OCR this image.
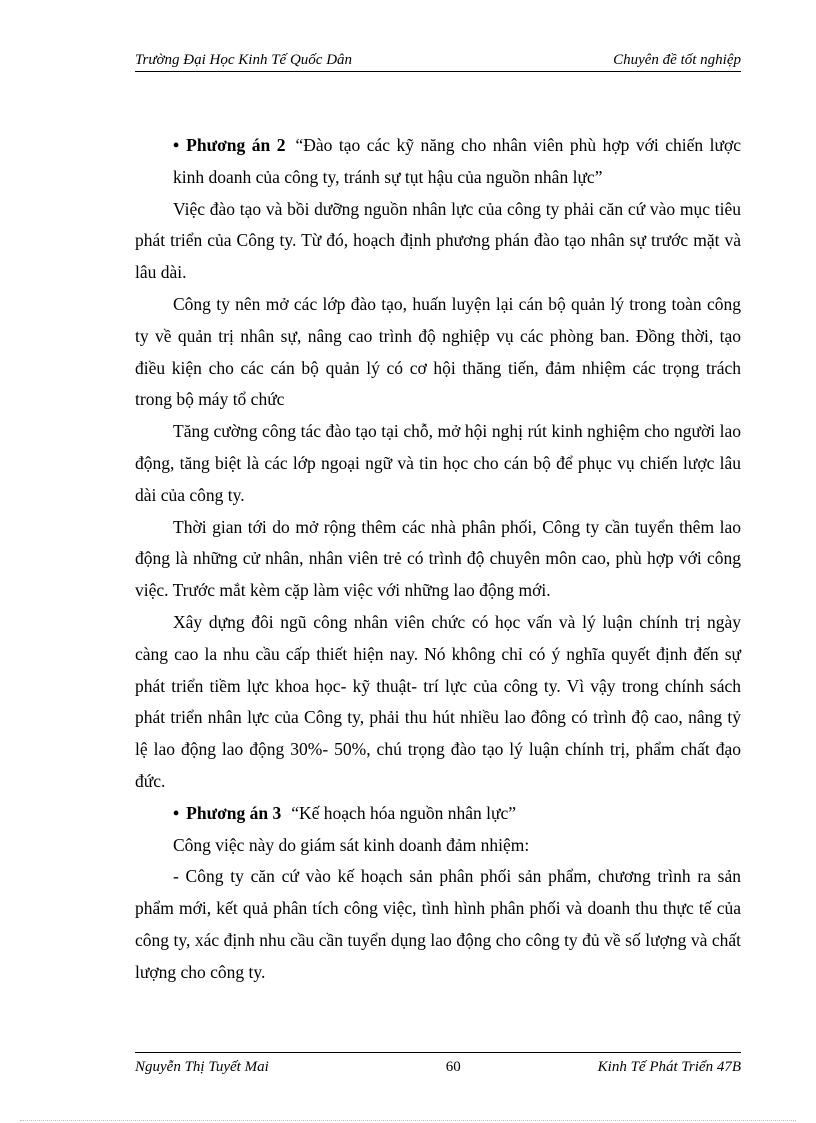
Trường Đại Học Kinh Tế Quốc Dân	Chuyên đề tốt nghiệp

• Phương án 2 “Đào tạo các kỹ năng cho nhân viên phù hợp với chiến lược kinh doanh của công ty, tránh sự tụt hậu của nguồn nhân lực”

Việc đào tạo và bồi dưỡng nguồn nhân lực của công ty phải căn cứ vào mục tiêu phát triển của Công ty. Từ đó, hoạch định phương phán đào tạo nhân sự trước mặt và lâu dài.

Công ty nên mở các lớp đào tạo, huấn luyện lại cán bộ quản lý trong toàn công ty về quản trị nhân sự, nâng cao trình độ nghiệp vụ các phòng ban. Đồng thời, tạo điều kiện cho các cán bộ quản lý có cơ hội thăng tiến, đảm nhiệm các trọng trách trong bộ máy tổ chức

Tăng cường công tác đào tạo tại chỗ, mở hội nghị rút kinh nghiệm cho người lao động, tăng biệt là các lớp ngoại ngữ và tin học cho cán bộ để phục vụ chiến lược lâu dài của công ty.

Thời gian tới do mở rộng thêm các nhà phân phối, Công ty cần tuyển thêm lao động là những cử nhân, nhân viên trẻ có trình độ chuyên môn cao, phù hợp với công việc. Trước mắt kèm cặp làm việc với những lao động mới.

Xây dựng đôi ngũ công nhân viên chức có học vấn và lý luận chính trị ngày càng cao la nhu cầu cấp thiết hiện nay. Nó không chỉ có ý nghĩa quyết định đến sự phát triển tiềm lực khoa học- kỹ thuật- trí lực của công ty. Vì vậy trong chính sách phát triển nhân lực của Công ty, phải thu hút nhiều lao đông có trình độ cao, nâng tỷ lệ lao động lao động 30%- 50%, chú trọng đào tạo lý luận chính trị, phẩm chất đạo đức.

• Phương án 3 “Kế hoạch hóa nguồn nhân lực”

Công việc này do giám sát kinh doanh đảm nhiệm:

- Công ty căn cứ vào kế hoạch sản phân phối sản phẩm, chương trình ra sản phẩm mới, kết quả phân tích công việc, tình hình phân phối và doanh thu thực tế của công ty, xác định nhu cầu cần tuyển dụng lao động cho công ty đủ về số lượng và chất lượng cho công ty.

Nguyễn Thị Tuyết Mai	60	Kinh Tế Phát Triển 47B
